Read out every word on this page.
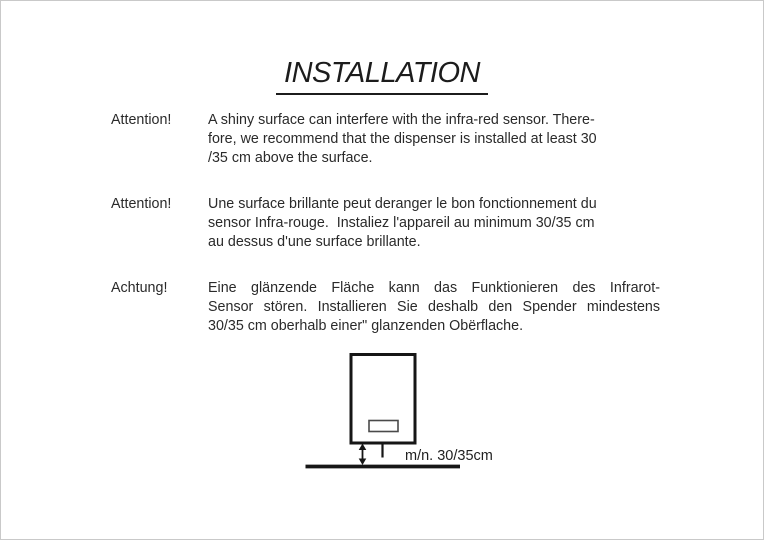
INSTALLATION
Attention!	A shiny surface can interfere with the infra-red sensor. There-
fore, we recommend that the dispenser is installed at least 30
/35 cm above the surface.
Attention!	Une surface brillante peut deranger le bon fonctionnement du
sensor Infra-rouge.  Instaliez l'appareil au minimum 30/35 cm
au dessus d'une surface brillante.
Achtung!	Eine glänzende Fläche kann das Funktionieren des Infrarot-
Sensor stören. Installieren Sie deshalb den Spender mindestens
30/35 cm oberhalb einer" glanzenden Obërflache.
m/n. 30/35cm
